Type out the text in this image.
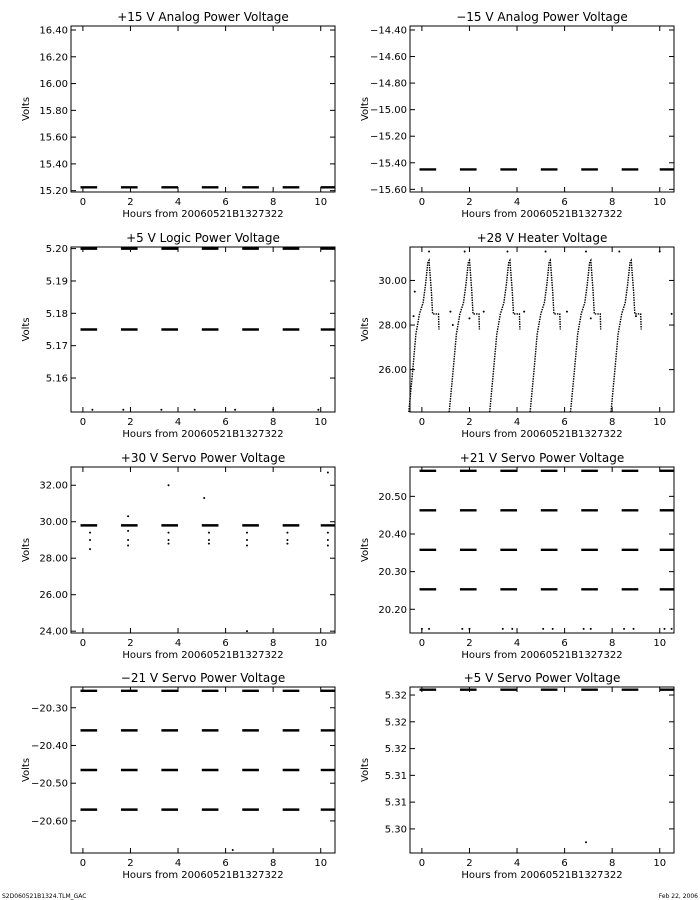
+15 V Analog Power Voltage
0	2	4	6	8	10
Hours from 20060521B1327322
15.20
15.40
15.60
15.80
16.00
16.20
16.40
Volts
−15 V Analog Power Voltage
0	2	4	6	8	10
Hours from 20060521B1327322
−15.60
−15.40
−15.20
−15.00
−14.80
−14.60
−14.40
Volts
+5 V Logic Power Voltage
0	2	4	6	8	10
Hours from 20060521B1327322
5.16
5.17
5.18
5.19
5.20
Volts
+28 V Heater Voltage
0	2	4	6	8	10
Hours from 20060521B1327322
26.00
28.00
30.00
Volts
+30 V Servo Power Voltage
0	2	4	6	8	10
Hours from 20060521B1327322
24.00
26.00
28.00
30.00
32.00
Volts
+21 V Servo Power Voltage
0	2	4	6	8	10
Hours from 20060521B1327322
20.20
20.30
20.40
20.50
Volts
−21 V Servo Power Voltage
0	2	4	6	8	10
Hours from 20060521B1327322
−20.60
−20.50
−20.40
−20.30
Volts
+5 V Servo Power Voltage
0	2	4	6	8	10
Hours from 20060521B1327322
5.30
5.31
5.31
5.32
5.32
5.32
Volts
S2D060521B1324.TLM_GAC	Feb 22, 2006
